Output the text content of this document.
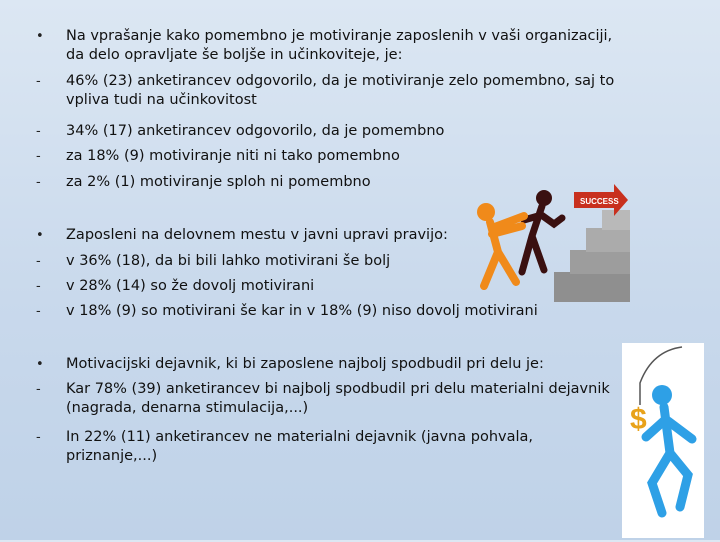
• Na vprašanje kako pomembno je motiviranje zaposlenih v vaši organizaciji, da delo opravljate še boljše in učinkoviteje, je:
- 46% (23) anketirancev odgovorilo, da je motiviranje zelo pomembno, saj to vpliva tudi na učinkovitost
- 34% (17) anketirancev odgovorilo, da je pomembno
- za 18% (9) motiviranje niti ni tako pomembno
- za 2% (1) motiviranje sploh ni pomembno
• Zaposleni na delovnem mestu v javni upravi pravijo:
- v 36% (18), da bi bili lahko motivirani še bolj
- v 28% (14) so že dovolj motivirani
- v 18% (9) so motivirani še kar in v 18% (9) niso dovolj motivirani
• Motivacijski dejavnik, ki bi zaposlene najbolj spodbudil pri delu je:
- Kar 78% (39) anketirancev bi najbolj spodbudil pri delu materialni dejavnik (nagrada, denarna stimulacija,...)
- In 22% (11) anketirancev ne materialni dejavnik (javna pohvala, priznanje,...)
SUCCESS
$
